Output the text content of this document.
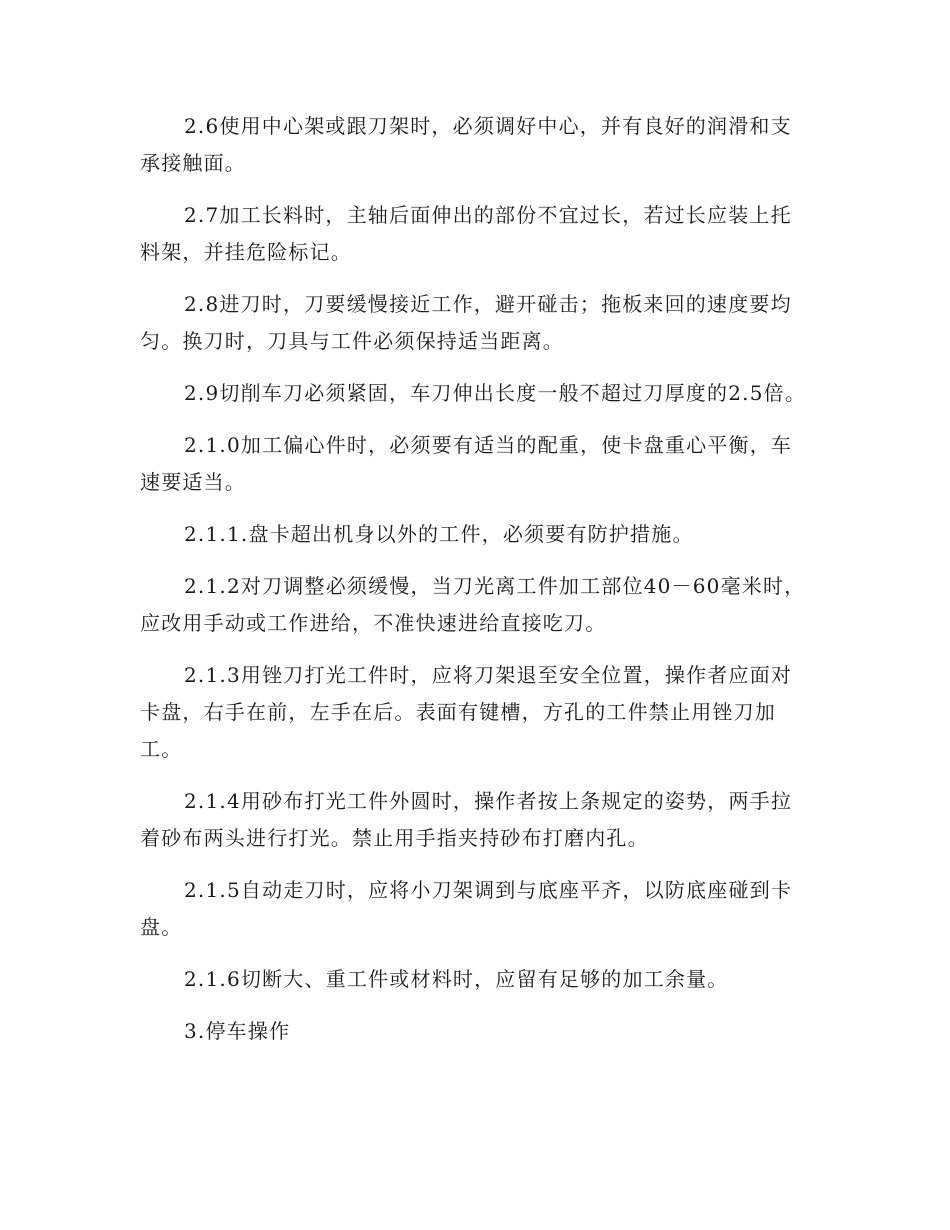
2.6使用中心架或跟刀架时，必须调好中心，并有良好的润滑和支承接触面。

2.7加工长料时，主轴后面伸出的部份不宜过长，若过长应装上托料架，并挂危险标记。

2.8进刀时，刀要缓慢接近工作，避开碰击；拖板来回的速度要均匀。换刀时，刀具与工件必须保持适当距离。

2.9切削车刀必须紧固，车刀伸出长度一般不超过刀厚度的2.5倍。

2.1.0加工偏心件时，必须要有适当的配重，使卡盘重心平衡，车速要适当。

2.1.1.盘卡超出机身以外的工件，必须要有防护措施。

2.1.2对刀调整必须缓慢，当刀光离工件加工部位40－60毫米时，应改用手动或工作进给，不准快速进给直接吃刀。

2.1.3用锉刀打光工件时，应将刀架退至安全位置，操作者应面对卡盘，右手在前，左手在后。表面有键槽，方孔的工件禁止用锉刀加工。

2.1.4用砂布打光工件外圆时，操作者按上条规定的姿势，两手拉着砂布两头进行打光。禁止用手指夹持砂布打磨内孔。

2.1.5自动走刀时，应将小刀架调到与底座平齐，以防底座碰到卡盘。

2.1.6切断大、重工件或材料时，应留有足够的加工余量。

3.停车操作
